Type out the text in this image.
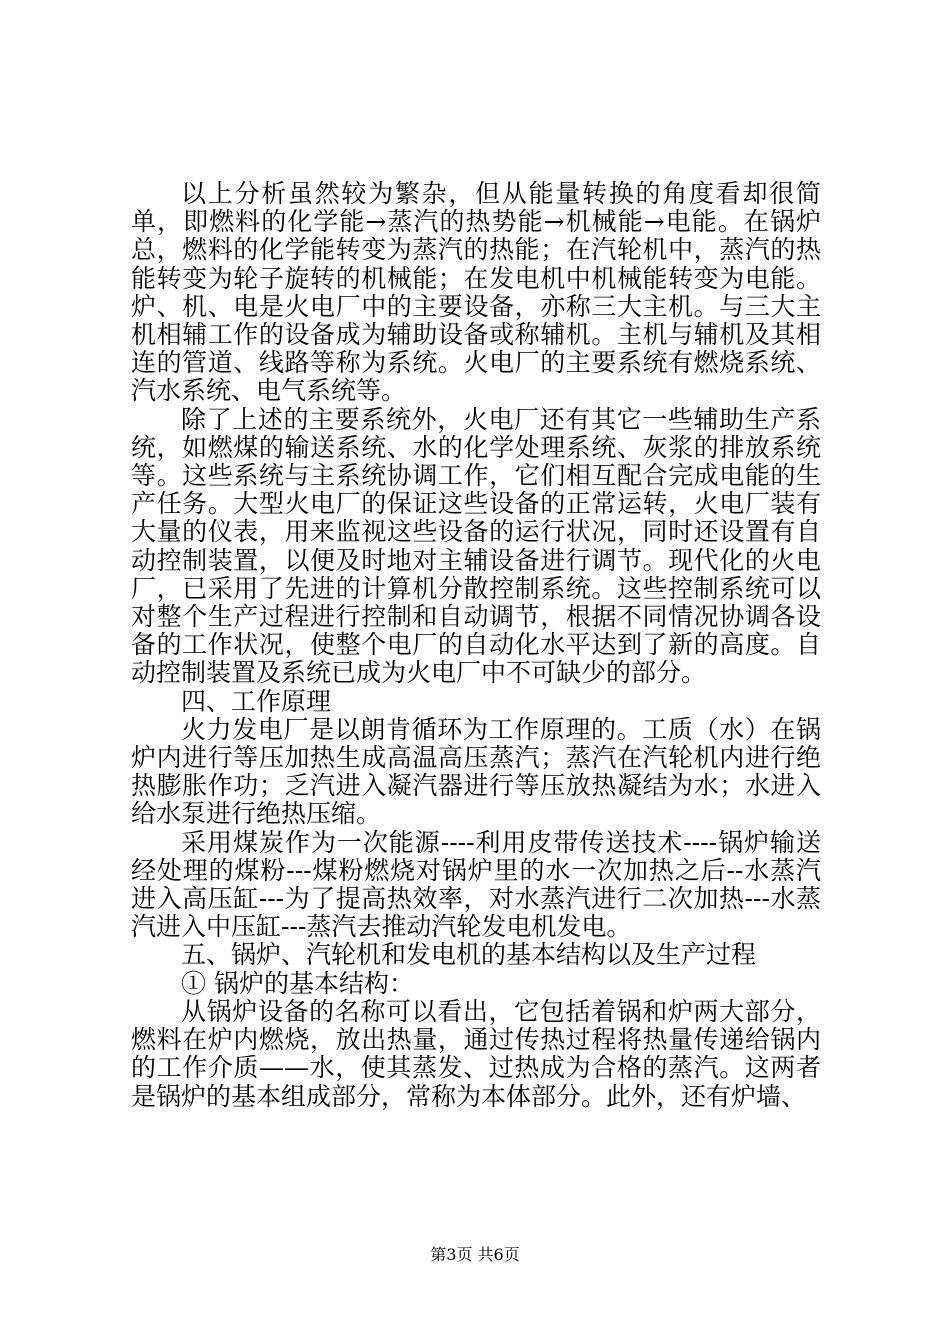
以上分析虽然较为繁杂，但从能量转换的角度看却很简单，即燃料的化学能→蒸汽的热势能→机械能→电能。在锅炉总，燃料的化学能转变为蒸汽的热能；在汽轮机中，蒸汽的热能转变为轮子旋转的机械能；在发电机中机械能转变为电能。炉、机、电是火电厂中的主要设备，亦称三大主机。与三大主机相辅工作的设备成为辅助设备或称辅机。主机与辅机及其相连的管道、线路等称为系统。火电厂的主要系统有燃烧系统、汽水系统、电气系统等。

除了上述的主要系统外，火电厂还有其它一些辅助生产系统，如燃煤的输送系统、水的化学处理系统、灰浆的排放系统等。这些系统与主系统协调工作，它们相互配合完成电能的生产任务。大型火电厂的保证这些设备的正常运转，火电厂装有大量的仪表，用来监视这些设备的运行状况，同时还设置有自动控制装置，以便及时地对主辅设备进行调节。现代化的火电厂，已采用了先进的计算机分散控制系统。这些控制系统可以对整个生产过程进行控制和自动调节，根据不同情况协调各设备的工作状况，使整个电厂的自动化水平达到了新的高度。自动控制装置及系统已成为火电厂中不可缺少的部分。

四、工作原理

火力发电厂是以朗肯循环为工作原理的。工质（水）在锅炉内进行等压加热生成高温高压蒸汽；蒸汽在汽轮机内进行绝热膨胀作功；乏汽进入凝汽器进行等压放热凝结为水；水进入给水泵进行绝热压缩。

采用煤炭作为一次能源----利用皮带传送技术----锅炉输送经处理的煤粉---煤粉燃烧对锅炉里的水一次加热之后--水蒸汽进入高压缸---为了提高热效率，对水蒸汽进行二次加热---水蒸汽进入中压缸---蒸汽去推动汽轮发电机发电。

五、锅炉、汽轮机和发电机的基本结构以及生产过程

① 锅炉的基本结构：

从锅炉设备的名称可以看出，它包括着锅和炉两大部分，燃料在炉内燃烧，放出热量，通过传热过程将热量传递给锅内的工作介质——水，使其蒸发、过热成为合格的蒸汽。这两者是锅炉的基本组成部分，常称为本体部分。此外，还有炉墙、

第3页 共6页
